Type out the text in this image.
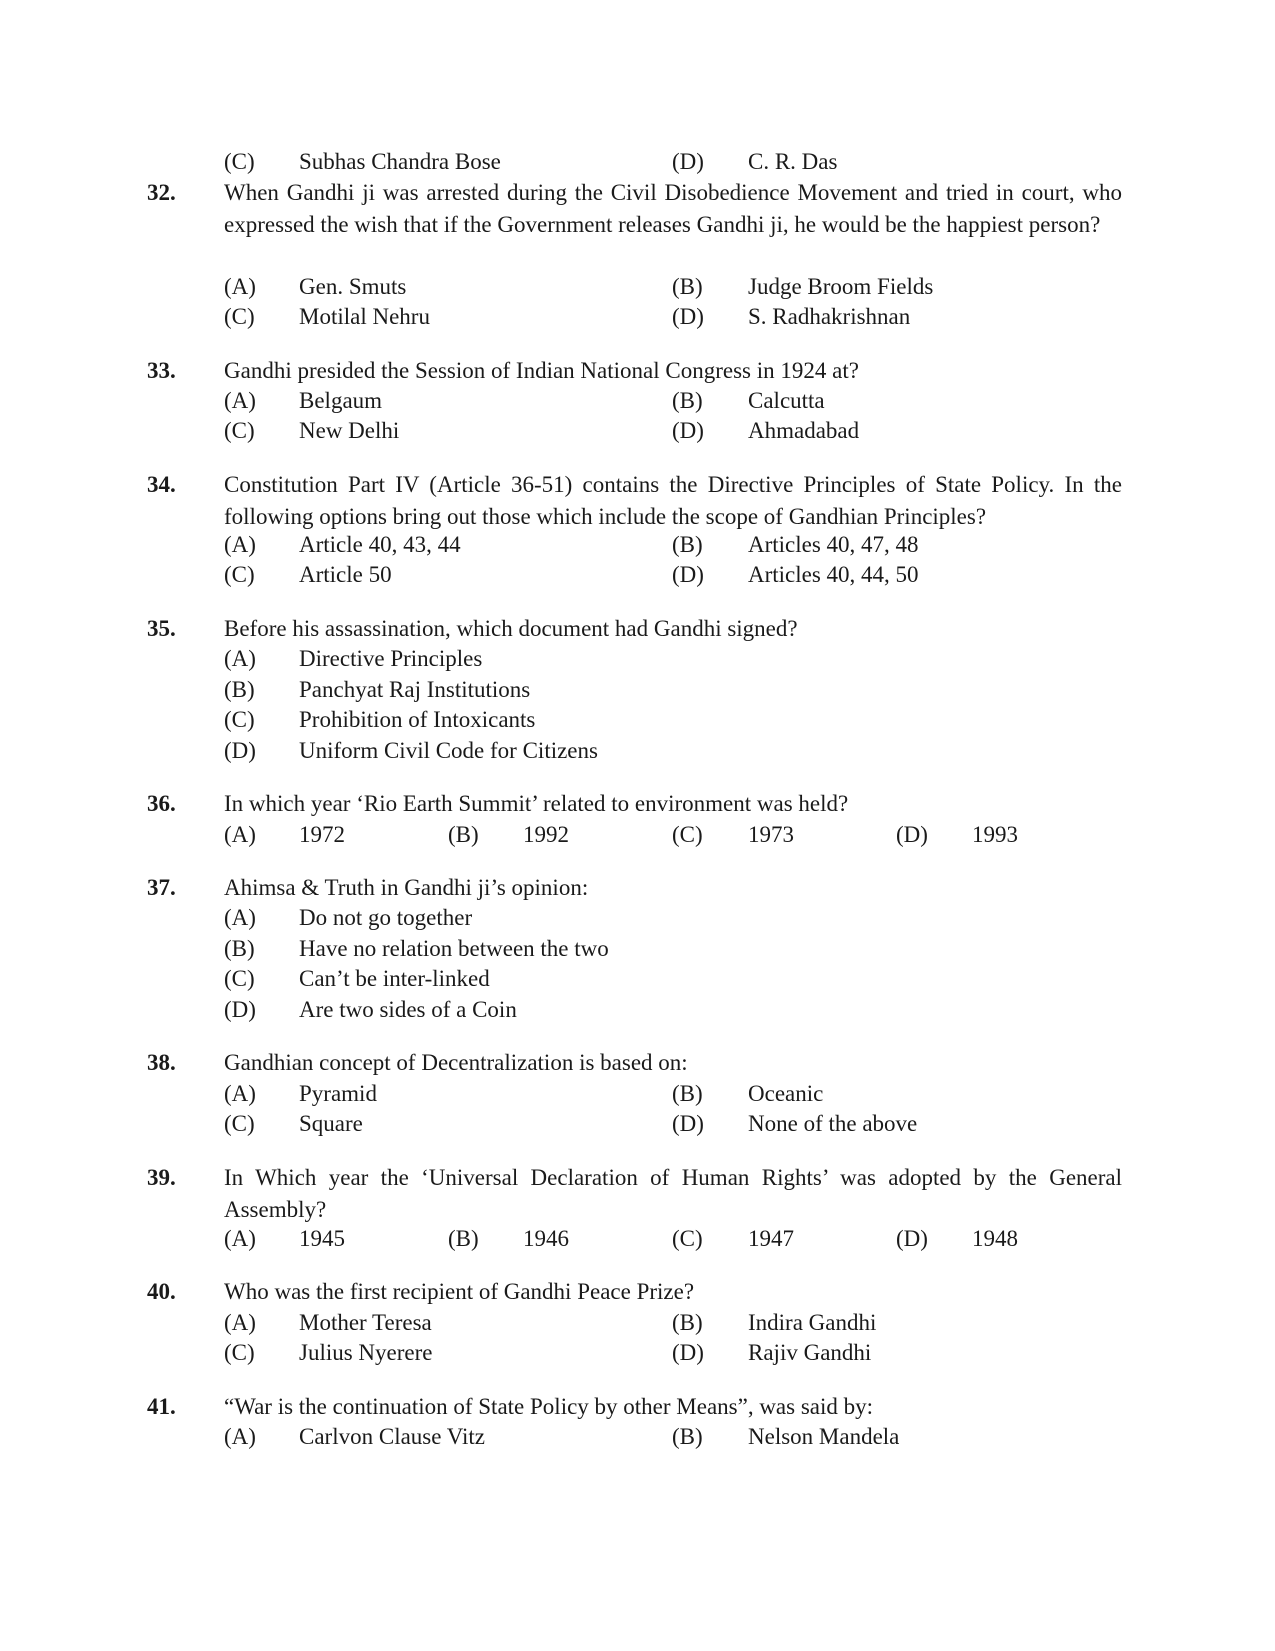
(C) Subhas Chandra Bose	(D) C. R. Das
32. When Gandhi ji was arrested during the Civil Disobedience Movement and tried in court, who expressed the wish that if the Government releases Gandhi ji, he would be the happiest person?
(A) Gen. Smuts	(B) Judge Broom Fields
(C) Motilal Nehru	(D) S. Radhakrishnan
33. Gandhi presided the Session of Indian National Congress in 1924 at?
(A) Belgaum	(B) Calcutta
(C) New Delhi	(D) Ahmadabad
34. Constitution Part IV (Article 36-51) contains the Directive Principles of State Policy. In the following options bring out those which include the scope of Gandhian Principles?
(A) Article 40, 43, 44	(B) Articles 40, 47, 48
(C) Article 50	(D) Articles 40, 44, 50
35. Before his assassination, which document had Gandhi signed?
(A) Directive Principles
(B) Panchyat Raj Institutions
(C) Prohibition of Intoxicants
(D) Uniform Civil Code for Citizens
36. In which year ‘Rio Earth Summit’ related to environment was held?
(A) 1972	(B) 1992	(C) 1973	(D) 1993
37. Ahimsa & Truth in Gandhi ji’s opinion:
(A) Do not go together
(B) Have no relation between the two
(C) Can’t be inter-linked
(D) Are two sides of a Coin
38. Gandhian concept of Decentralization is based on:
(A) Pyramid	(B) Oceanic
(C) Square	(D) None of the above
39. In Which year the ‘Universal Declaration of Human Rights’ was adopted by the General Assembly?
(A) 1945	(B) 1946	(C) 1947	(D) 1948
40. Who was the first recipient of Gandhi Peace Prize?
(A) Mother Teresa	(B) Indira Gandhi
(C) Julius Nyerere	(D) Rajiv Gandhi
41. “War is the continuation of State Policy by other Means”, was said by:
(A) Carlvon Clause Vitz	(B) Nelson Mandela
